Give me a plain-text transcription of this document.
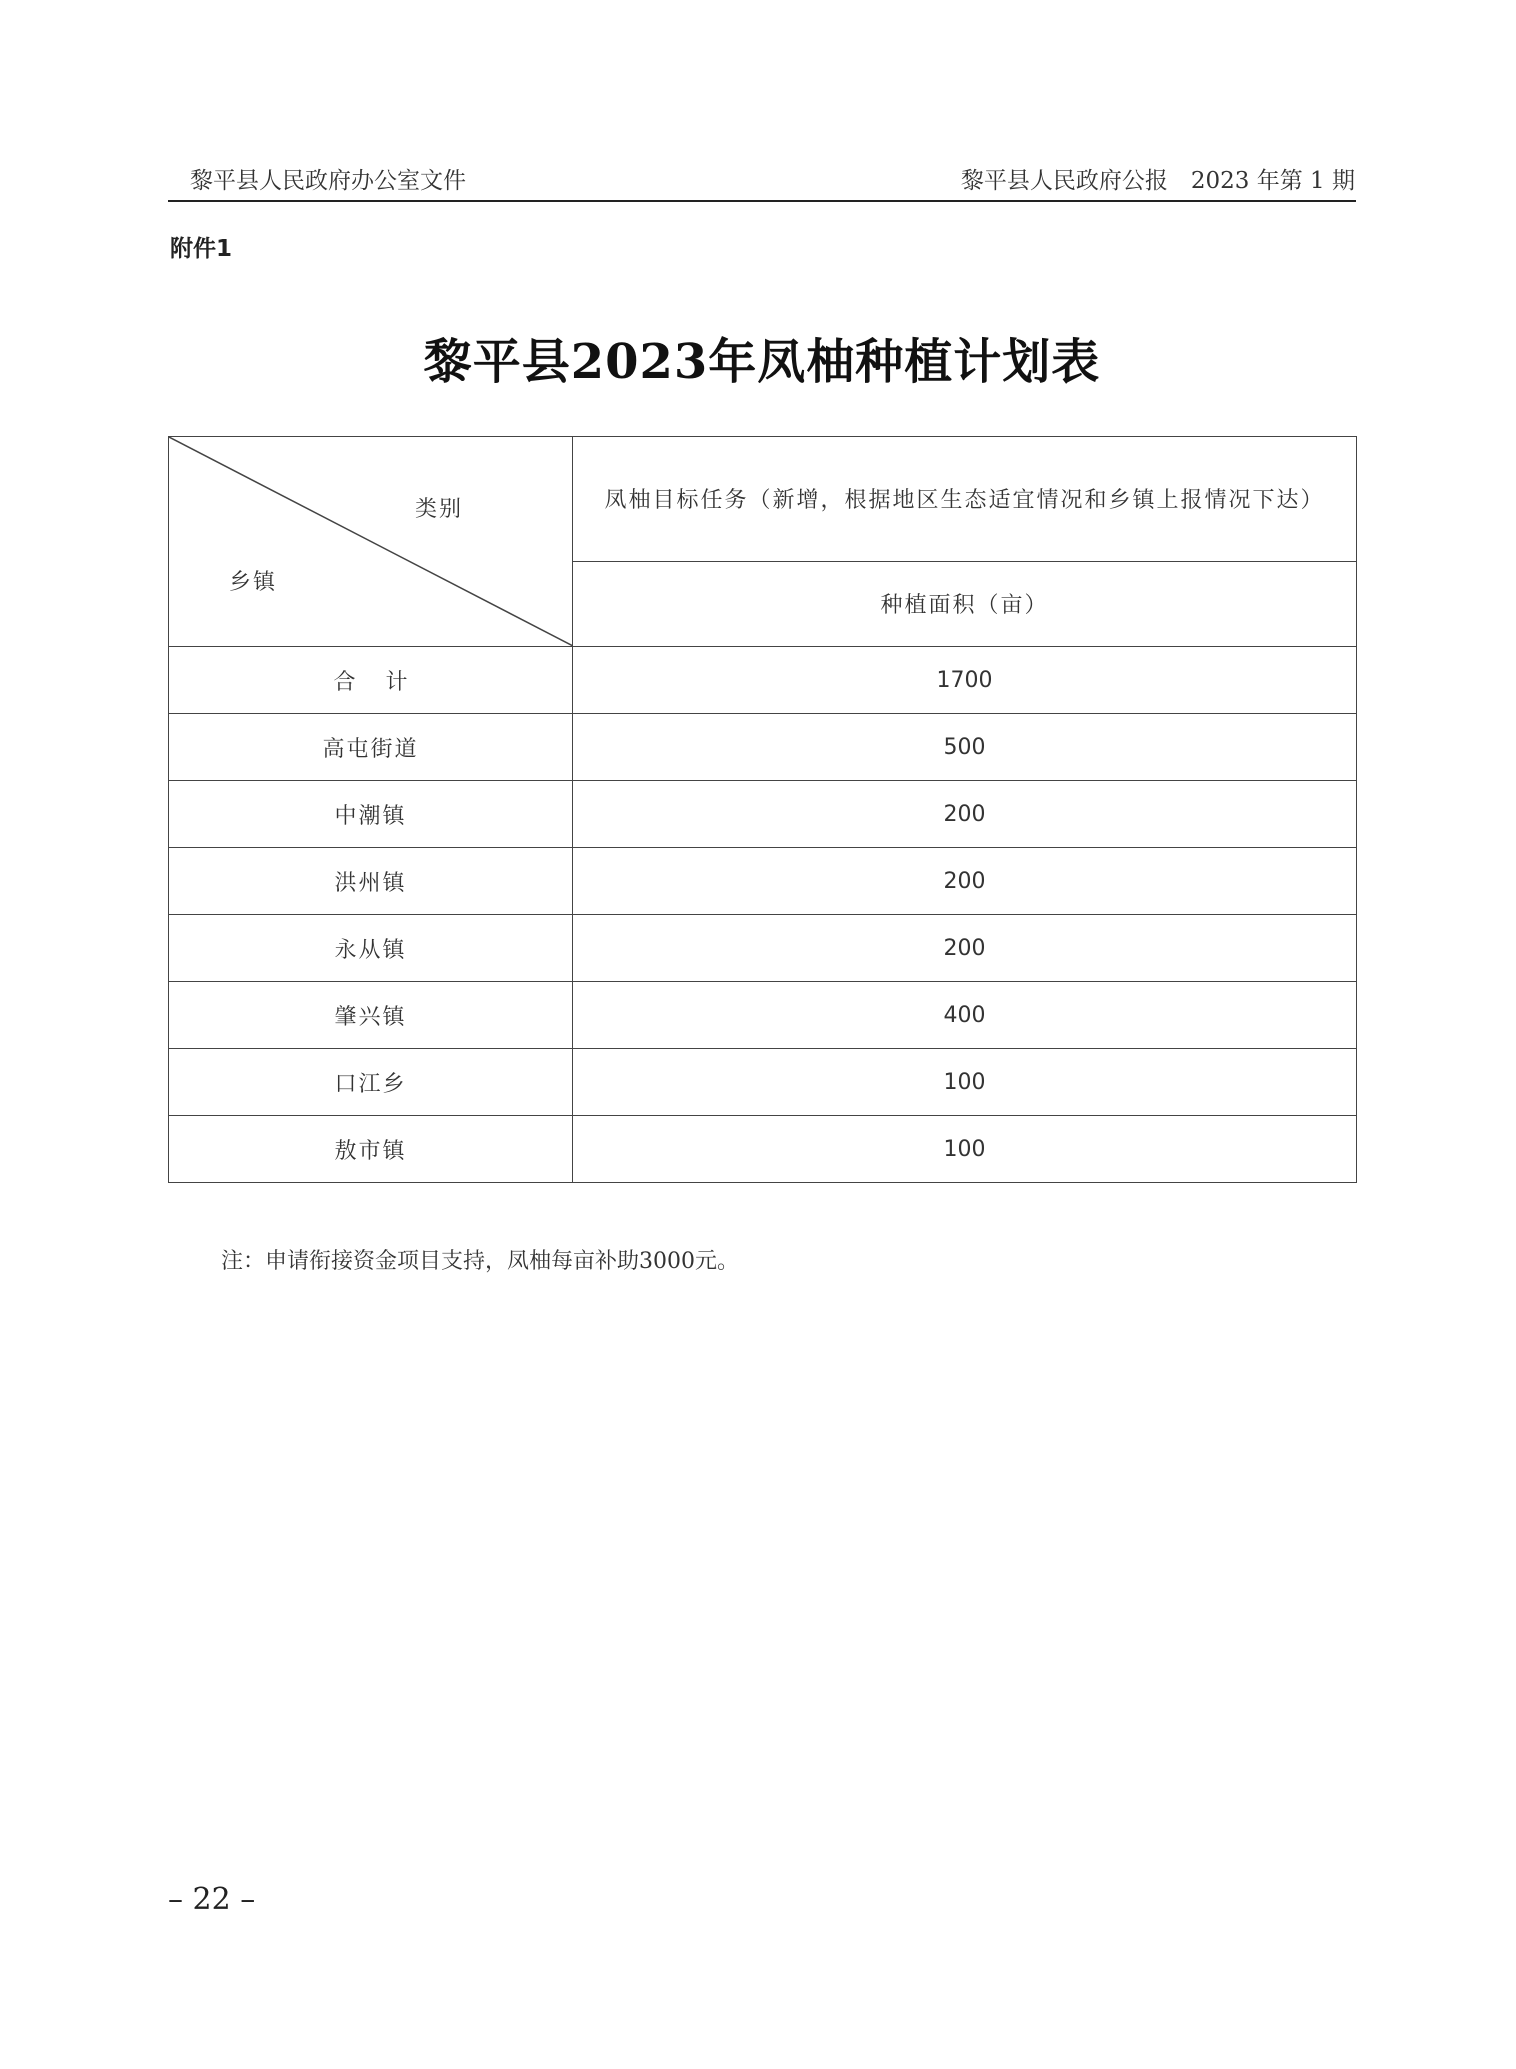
黎平县人民政府办公室文件	黎平县人民政府公报　2023 年第 1 期
附件1
黎平县2023年凤柚种植计划表
类别
乡镇	凤柚目标任务（新增，根据地区生态适宜情况和乡镇上报情况下达）
	种植面积（亩）
合计	1700
高屯街道	500
中潮镇	200
洪州镇	200
永从镇	200
肇兴镇	400
口江乡	100
敖市镇	100
注：申请衔接资金项目支持，凤柚每亩补助3000元。
– 22 –
